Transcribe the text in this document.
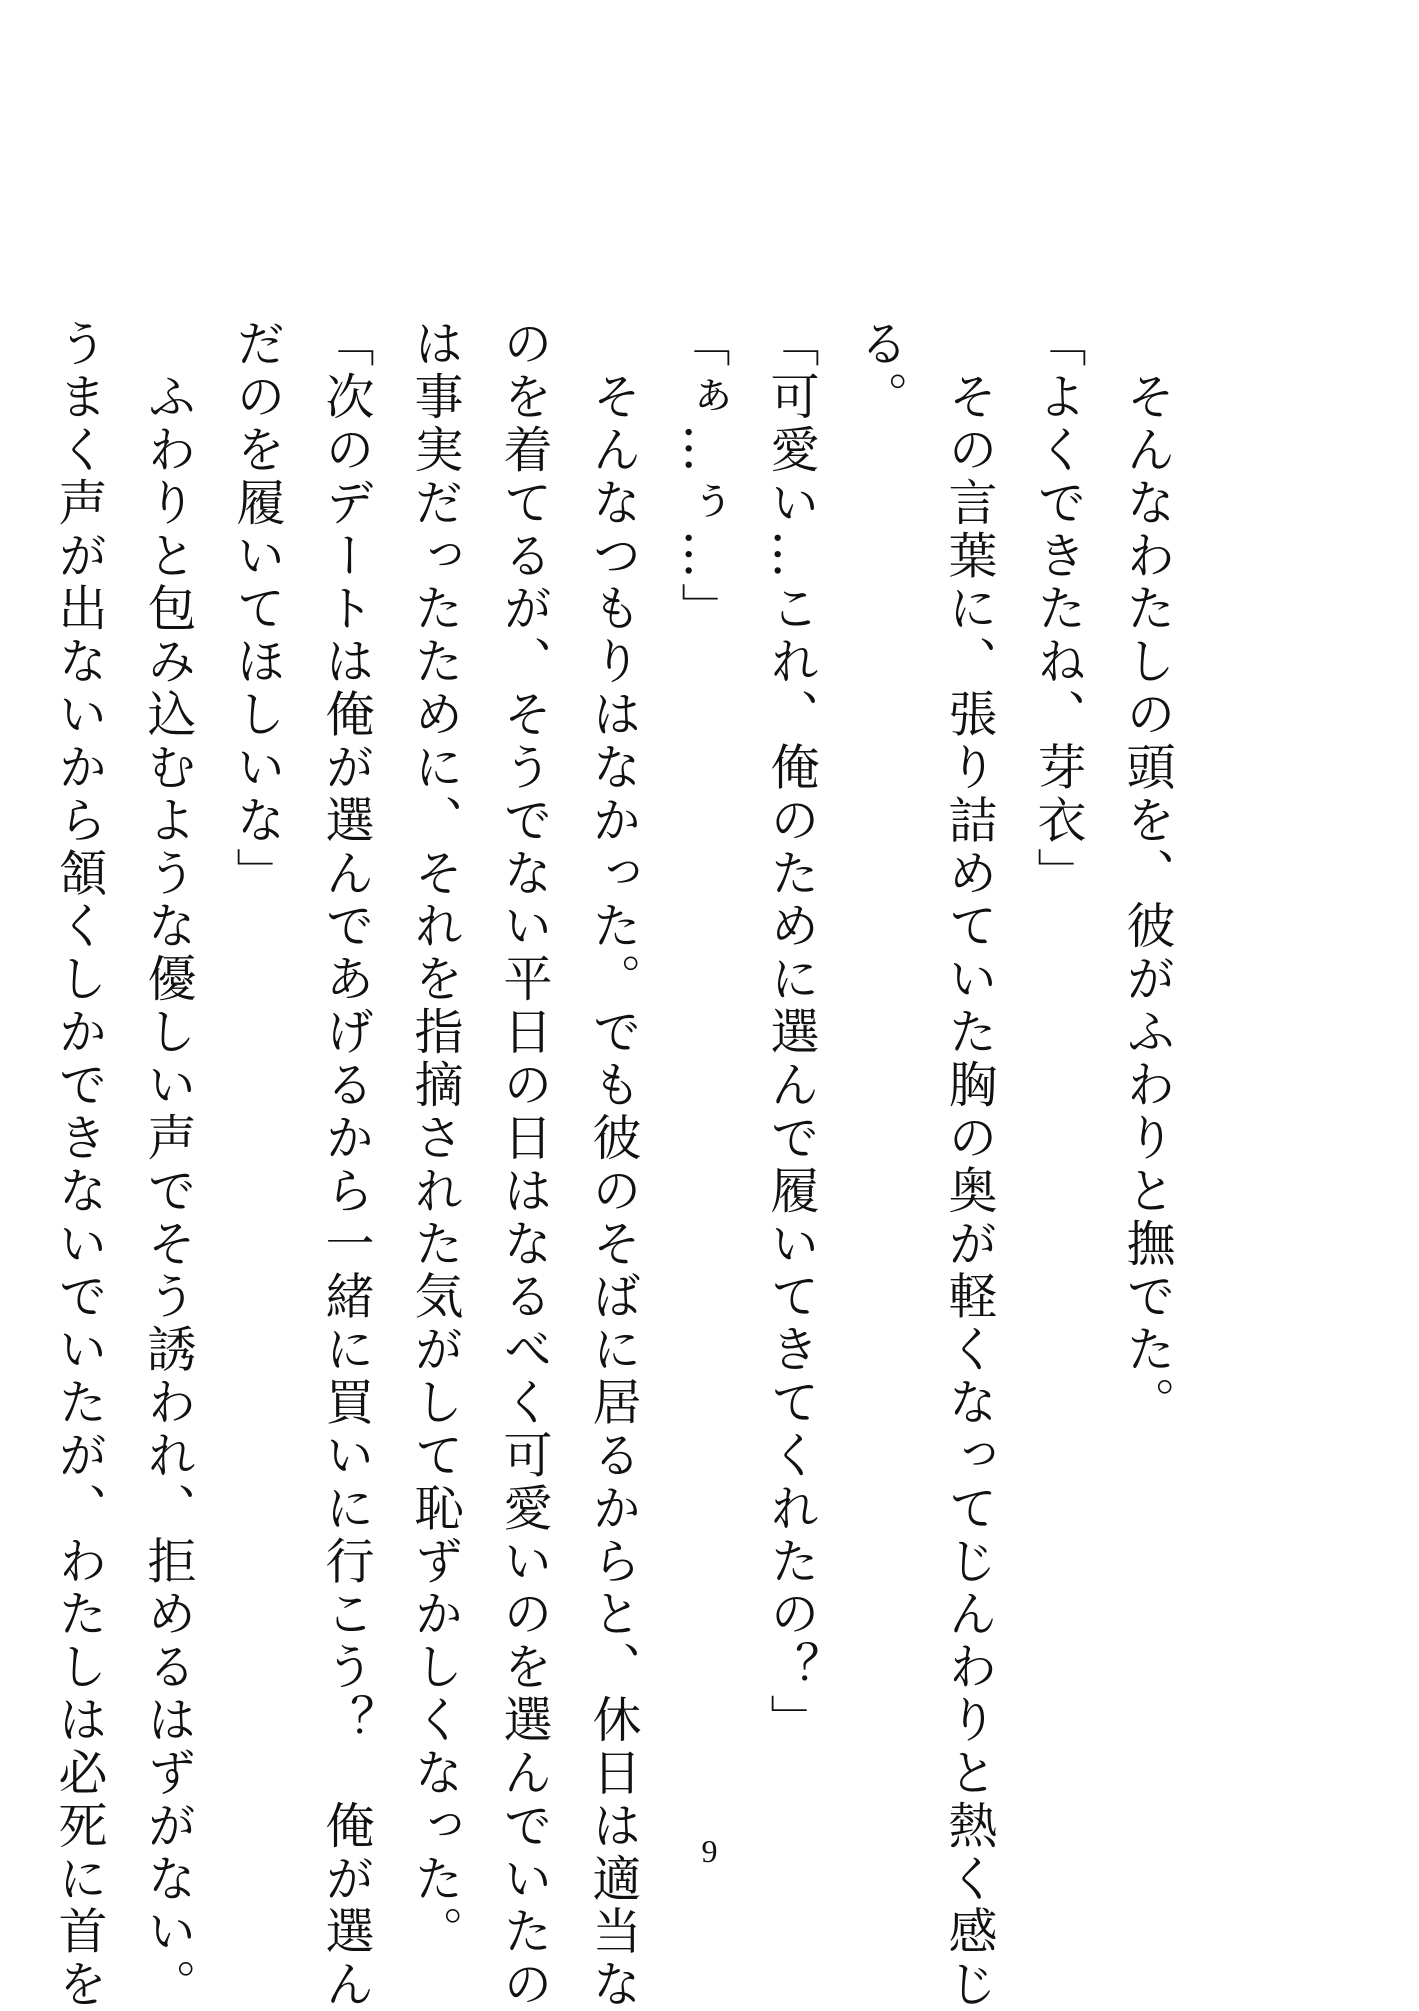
　そんなわたしの頭を、彼がふわりと撫でた。
「よくできたね、芽衣」
　その言葉に、張り詰めていた胸の奥が軽くなってじんわりと熱く感じ
る。
「可愛い…これ、俺のために選んで履いてきてくれたの？」
「ぁ…ぅ…」
　そんなつもりはなかった。でも彼のそばに居るからと、休日は適当な
のを着てるが、そうでない平日の日はなるべく可愛いのを選んでいたの
は事実だったために、それを指摘された気がして恥ずかしくなった。
「次のデートは俺が選んであげるから一緒に買いに行こう？　俺が選ん
だのを履いてほしいな」
　ふわりと包み込むような優しい声でそう誘われ、拒めるはずがない。
うまく声が出ないから頷くしかできないでいたが、わたしは必死に首を	9
